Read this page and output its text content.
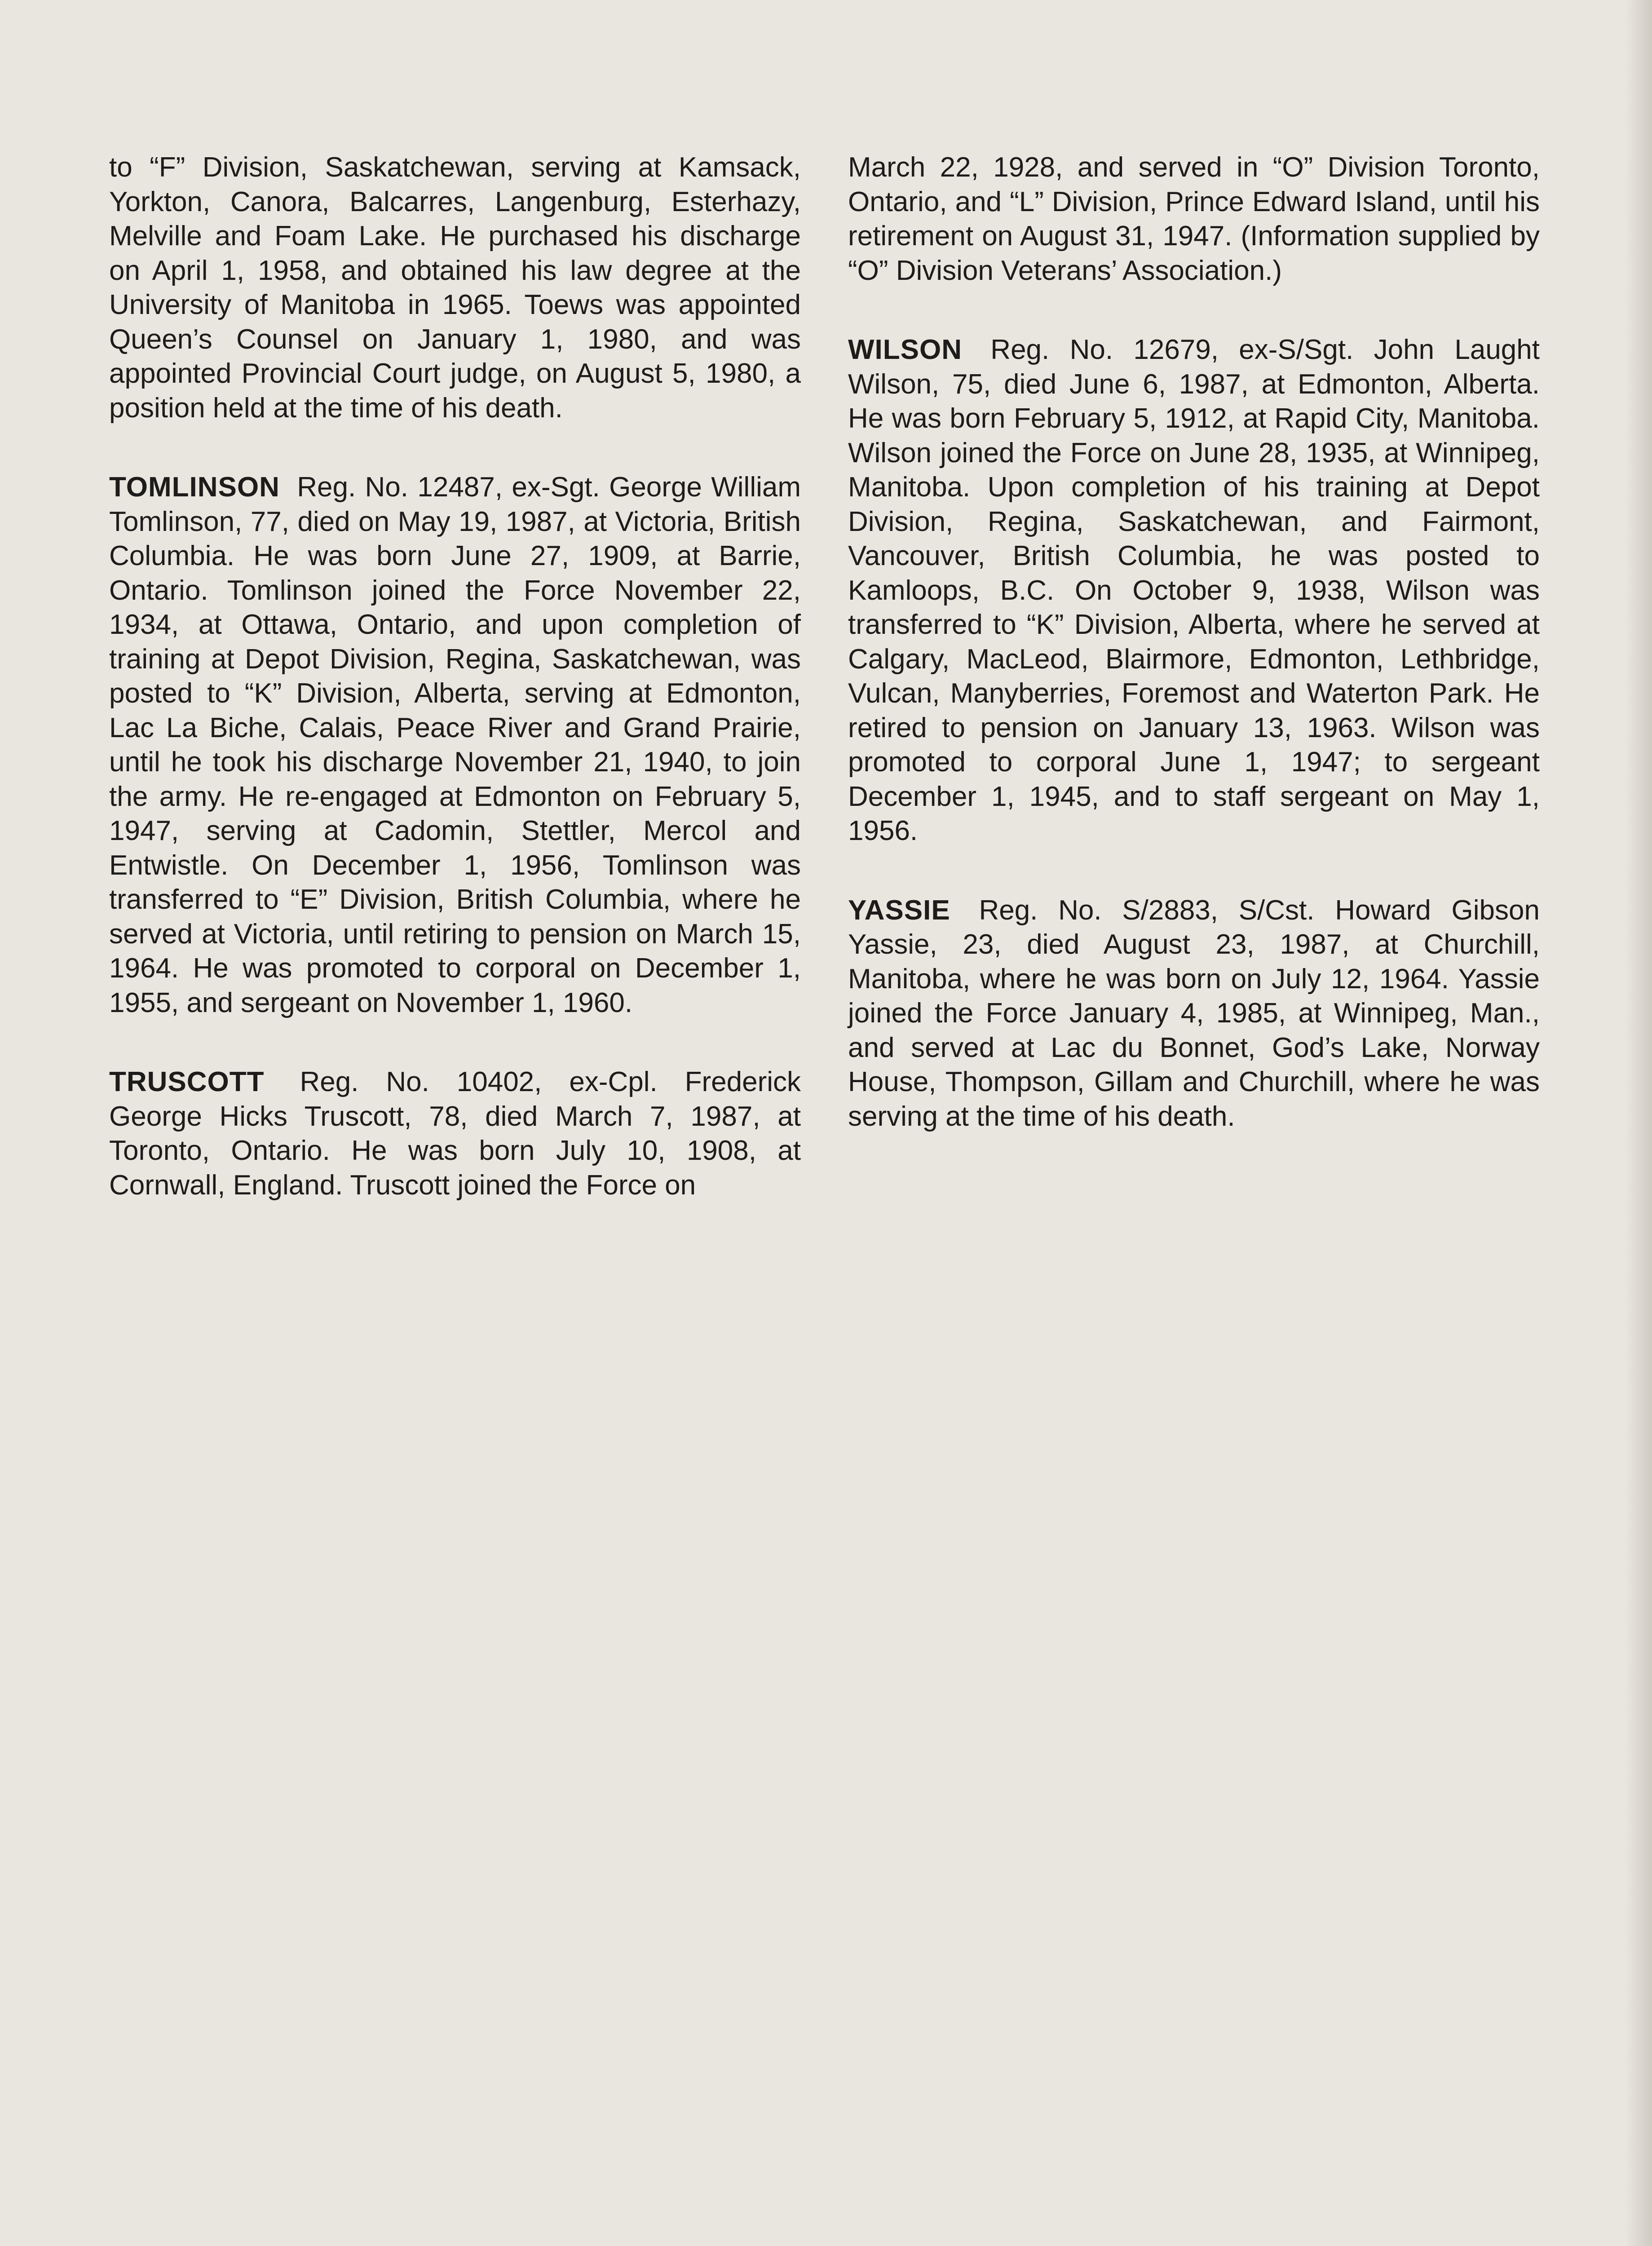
to “F” Division, Saskatchewan, serving at Kamsack, Yorkton, Canora, Balcarres, Langenburg, Esterhazy, Melville and Foam Lake. He purchased his discharge on April 1, 1958, and obtained his law degree at the University of Manitoba in 1965. Toews was appointed Queen’s Counsel on January 1, 1980, and was appointed Provincial Court judge, on August 5, 1980, a position held at the time of his death.

TOMLINSON Reg. No. 12487, ex-Sgt. George William Tomlinson, 77, died on May 19, 1987, at Victoria, British Columbia. He was born June 27, 1909, at Barrie, Ontario. Tomlinson joined the Force November 22, 1934, at Ottawa, Ontario, and upon completion of training at Depot Division, Regina, Saskatchewan, was posted to “K” Division, Alberta, serving at Edmonton, Lac La Biche, Calais, Peace River and Grand Prairie, until he took his discharge November 21, 1940, to join the army. He re-engaged at Edmonton on February 5, 1947, serving at Cadomin, Stettler, Mercol and Entwistle. On December 1, 1956, Tomlinson was transferred to “E” Division, British Columbia, where he served at Victoria, until retiring to pension on March 15, 1964. He was promoted to corporal on December 1, 1955, and sergeant on November 1, 1960.

TRUSCOTT Reg. No. 10402, ex-Cpl. Frederick George Hicks Truscott, 78, died March 7, 1987, at Toronto, Ontario. He was born July 10, 1908, at Cornwall, England. Truscott joined the Force on

March 22, 1928, and served in “O” Division Toronto, Ontario, and “L” Division, Prince Edward Island, until his retirement on August 31, 1947. (Information supplied by “O” Division Veterans’ Association.)

WILSON Reg. No. 12679, ex-S/Sgt. John Laught Wilson, 75, died June 6, 1987, at Edmonton, Alberta. He was born February 5, 1912, at Rapid City, Manitoba. Wilson joined the Force on June 28, 1935, at Winnipeg, Manitoba. Upon completion of his training at Depot Division, Regina, Saskatchewan, and Fairmont, Vancouver, British Columbia, he was posted to Kamloops, B.C. On October 9, 1938, Wilson was transferred to “K” Division, Alberta, where he served at Calgary, MacLeod, Blairmore, Edmonton, Lethbridge, Vulcan, Manyberries, Foremost and Waterton Park. He retired to pension on January 13, 1963. Wilson was promoted to corporal June 1, 1947; to sergeant December 1, 1945, and to staff sergeant on May 1, 1956.

YASSIE Reg. No. S/2883, S/Cst. Howard Gibson Yassie, 23, died August 23, 1987, at Churchill, Manitoba, where he was born on July 12, 1964. Yassie joined the Force January 4, 1985, at Winnipeg, Man., and served at Lac du Bonnet, God’s Lake, Norway House, Thompson, Gillam and Churchill, where he was serving at the time of his death.
